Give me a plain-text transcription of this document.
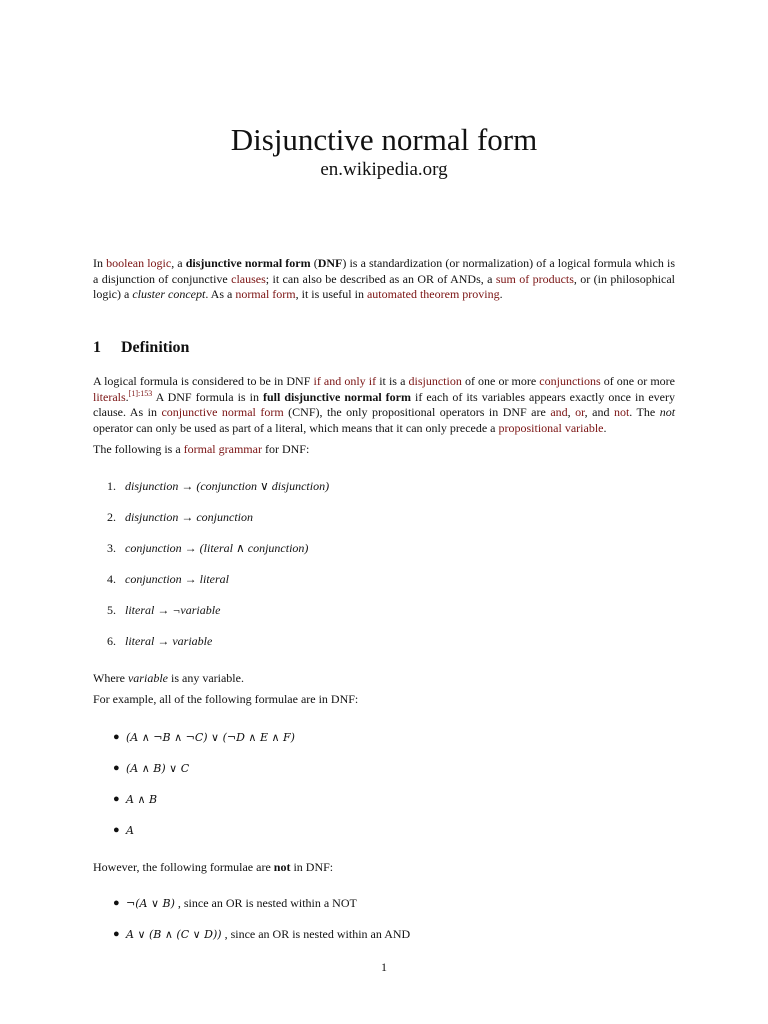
Disjunctive normal form
en.wikipedia.org

In boolean logic, a disjunctive normal form (DNF) is a standardization (or normalization) of a logical formula which is a disjunction of conjunctive clauses; it can also be described as an OR of ANDs, a sum of products, or (in philosophical logic) a cluster concept. As a normal form, it is useful in automated theorem proving.

1 Definition

A logical formula is considered to be in DNF if and only if it is a disjunction of one or more conjunctions of one or more literals.$^{[1]:153}$ A DNF formula is in full disjunctive normal form if each of its variables appears exactly once in every clause. As in conjunctive normal form (CNF), the only propositional operators in DNF are and, or, and not. The not operator can only be used as part of a literal, which means that it can only precede a propositional variable.

The following is a formal grammar for DNF:

1. disjunction → (conjunction ∨ disjunction)
2. disjunction → conjunction
3. conjunction → (literal ∧ conjunction)
4. conjunction → literal
5. literal → ¬variable
6. literal → variable

Where variable is any variable.

For example, all of the following formulae are in DNF:

● (A ∧ ¬B ∧ ¬C) ∨ (¬D ∧ E ∧ F)
● (A ∧ B) ∨ C
● A ∧ B
● A

However, the following formulae are not in DNF:

● ¬(A ∨ B) , since an OR is nested within a NOT
● A ∨ (B ∧ (C ∨ D)) , since an OR is nested within an AND
1
